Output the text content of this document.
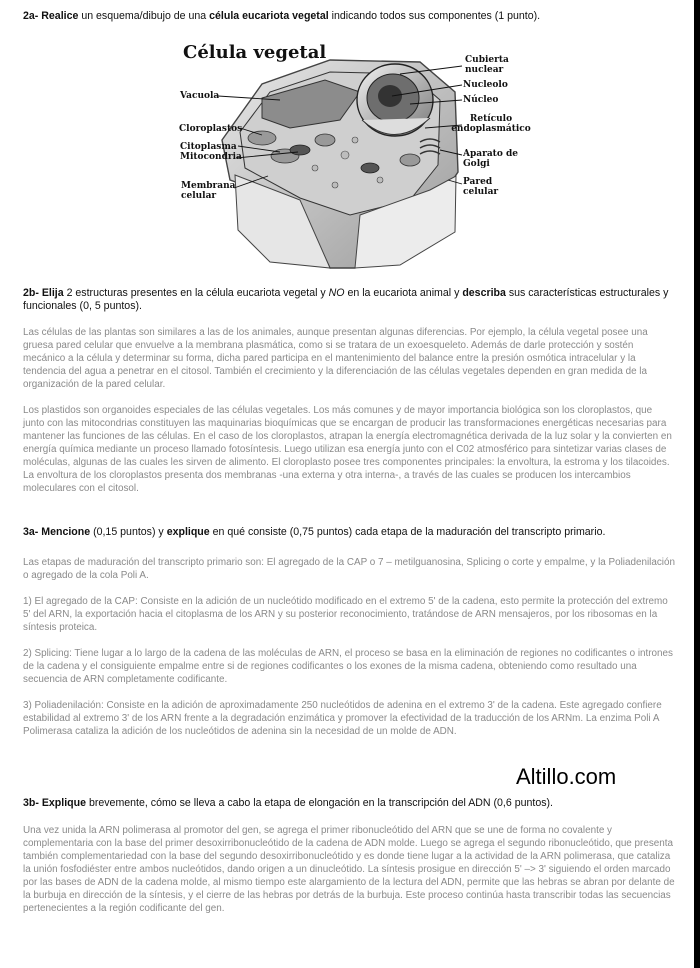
2a- Realice un esquema/dibujo de una célula eucariota vegetal indicando todos sus componentes (1 punto).
Célula vegetal
Vacuola
Cloroplastos
Citoplasma
Mitocondria
Membrana
celular
Cubierta
nuclear
Nucleolo
Núcleo
Retículo
endoplasmático
Aparato de
Golgi
Pared
celular
2b- Elija 2 estructuras presentes en la célula eucariota vegetal y NO en la eucariota animal y describa sus características estructurales y funcionales (0, 5 puntos).

Las células de las plantas son similares a las de los animales, aunque presentan algunas diferencias. Por ejemplo, la célula vegetal posee una gruesa pared celular que envuelve a la membrana plasmática, como si se tratara de un exoesqueleto. Además de darle protección y sostén mecánico a la célula y determinar su forma, dicha pared participa en el mantenimiento del balance entre la presión osmótica intracelular y la tendencia del agua a penetrar en el citosol. También el crecimiento y la diferenciación de las células vegetales dependen en gran medida de la organización de la pared celular.

Los plastidos son organoides especiales de las células vegetales. Los más comunes y de mayor importancia biológica son los cloroplastos, que junto con las mitocondrias constituyen las maquinarias bioquímicas que se encargan de producir las transformaciones energéticas necesarias para mantener las funciones de las células. En el caso de los cloroplastos, atrapan la energía electromagnética derivada de la luz solar y la convierten en energía química mediante un proceso llamado fotosíntesis. Luego utilizan esa energía junto con el C02 atmosférico para sintetizar varias clases de moléculas, algunas de las cuales les sirven de alimento. El cloroplasto posee tres componentes principales: la envoltura, la estroma y los tilacoides. La envoltura de los cloroplastos presenta dos membranas -una externa y otra interna-, a través de las cuales se producen los intercambios moleculares con el citosol.

3a- Mencione (0,15 puntos) y explique en qué consiste (0,75 puntos) cada etapa de la maduración del transcripto primario.

Las etapas de maduración del transcripto primario son: El agregado de la CAP o 7 – metilguanosina, Splicing o corte y empalme, y la Poliadenilación o agregado de la cola Poli A.

1) El agregado de la CAP: Consiste en la adición de un nucleótido modificado en el extremo 5' de la cadena, esto permite la protección del extremo 5' del ARN, la exportación hacia el citoplasma de los ARN y su posterior reconocimiento, tratándose de ARN mensajeros, por los ribosomas en la síntesis proteica.

2) Splicing: Tiene lugar a lo largo de la cadena de las moléculas de ARN, el proceso se basa en la eliminación de regiones no codificantes o intrones de la cadena y el consiguiente empalme entre si de regiones codificantes o los exones de la misma cadena, obteniendo como resultado una secuencia de ARN completamente codificante.

3) Poliadenilación: Consiste en la adición de aproximadamente 250 nucleótidos de adenina en el extremo 3' de la cadena. Este agregado confiere estabilidad al extremo 3' de los ARN frente a la degradación enzimática y promover la efectividad de la traducción de los ARNm. La enzima Poli A Polimerasa cataliza la adición de los nucleótidos de adenina sin la necesidad de un molde de ADN.

Altillo.com
3b- Explique brevemente, cómo se lleva a cabo la etapa de elongación en la transcripción del ADN (0,6 puntos).

Una vez unida la ARN polimerasa al promotor del gen, se agrega el primer ribonucleótido del ARN que se une de forma no covalente y complementaria con la base del primer desoxirribonucleótido de la cadena de ADN molde. Luego se agrega el segundo ribonucleótido, que presenta también complementariedad con la base del segundo desoxirribonucleótido y es donde tiene lugar a la actividad de la ARN polimerasa, que cataliza la unión fosfodiéster entre ambos nucleótidos, dando origen a un dinucleótido. La síntesis prosigue en dirección 5' –> 3' siguiendo el orden marcado por las bases de ADN de la cadena molde, al mismo tiempo este alargamiento de la lectura del ADN, permite que las hebras se abran por delante de la burbuja en dirección de la síntesis, y el cierre de las hebras por detrás de la burbuja. Este proceso continúa hasta transcribir todas las secuencias pertenecientes a la región codificante del gen.
